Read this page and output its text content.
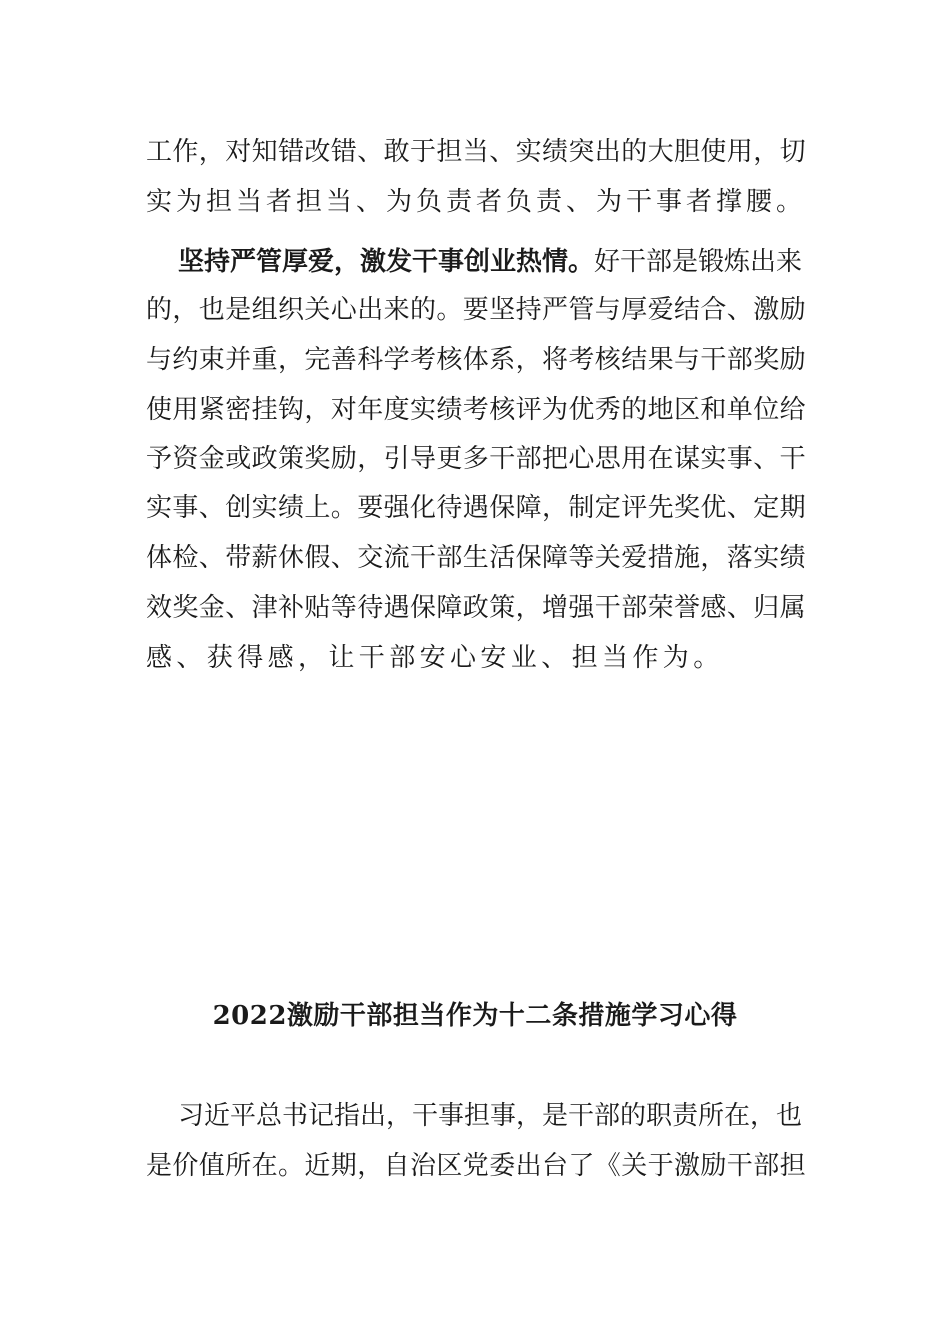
工作，对知错改错、敢于担当、实绩突出的大胆使用，切
实为担当者担当、为负责者负责、为干事者撑腰。
坚持严管厚爱，激发干事创业热情。好干部是锻炼出来
的，也是组织关心出来的。要坚持严管与厚爱结合、激励
与约束并重，完善科学考核体系，将考核结果与干部奖励
使用紧密挂钩，对年度实绩考核评为优秀的地区和单位给
予资金或政策奖励，引导更多干部把心思用在谋实事、干
实事、创实绩上。要强化待遇保障，制定评先奖优、定期
体检、带薪休假、交流干部生活保障等关爱措施，落实绩
效奖金、津补贴等待遇保障政策，增强干部荣誉感、归属
感、获得感，让干部安心安业、担当作为。
2022激励干部担当作为十二条措施学习心得
习近平总书记指出，干事担事，是干部的职责所在，也
是价值所在。近期，自治区党委出台了《关于激励干部担
